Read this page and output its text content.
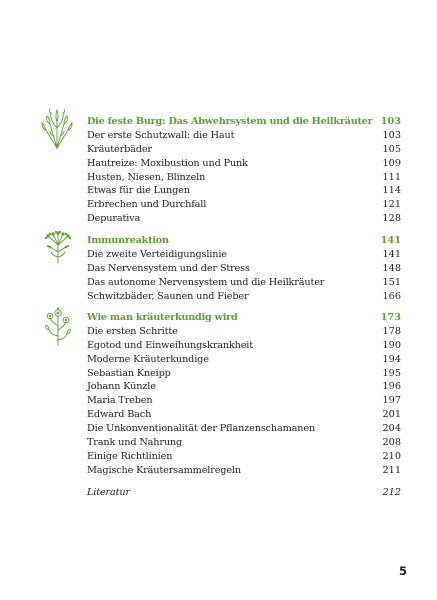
Die feste Burg: Das Abwehrsystem und die Heilkräuter 103
Der erste Schutzwall: die Haut	103
Kräuterbäder	105
Hautreize: Moxibustion und Punk	109
Husten, Niesen, Blinzeln	111
Etwas für die Lungen	114
Erbrechen und Durchfall	121
Depurativa	128
Immunreaktion	141
Die zweite Verteidigungslinie	141
Das Nervensystem und der Stress	148
Das autonome Nervensystem und die Heilkräuter	151
Schwitzbäder, Saunen und Fieber	166
Wie man kräuterkundig wird	173
Die ersten Schritte	178
Egotod und Einweihungskrankheit	190
Moderne Kräuterkundige	194
Sebastian Kneipp	195
Johann Künzle	196
Maria Treben	197
Edward Bach	201
Die Unkonventionalität der Pflanzenschamanen	204
Trank und Nahrung	208
Einige Richtlinien	210
Magische Kräutersammelregeln	211
Literatur	212
5
